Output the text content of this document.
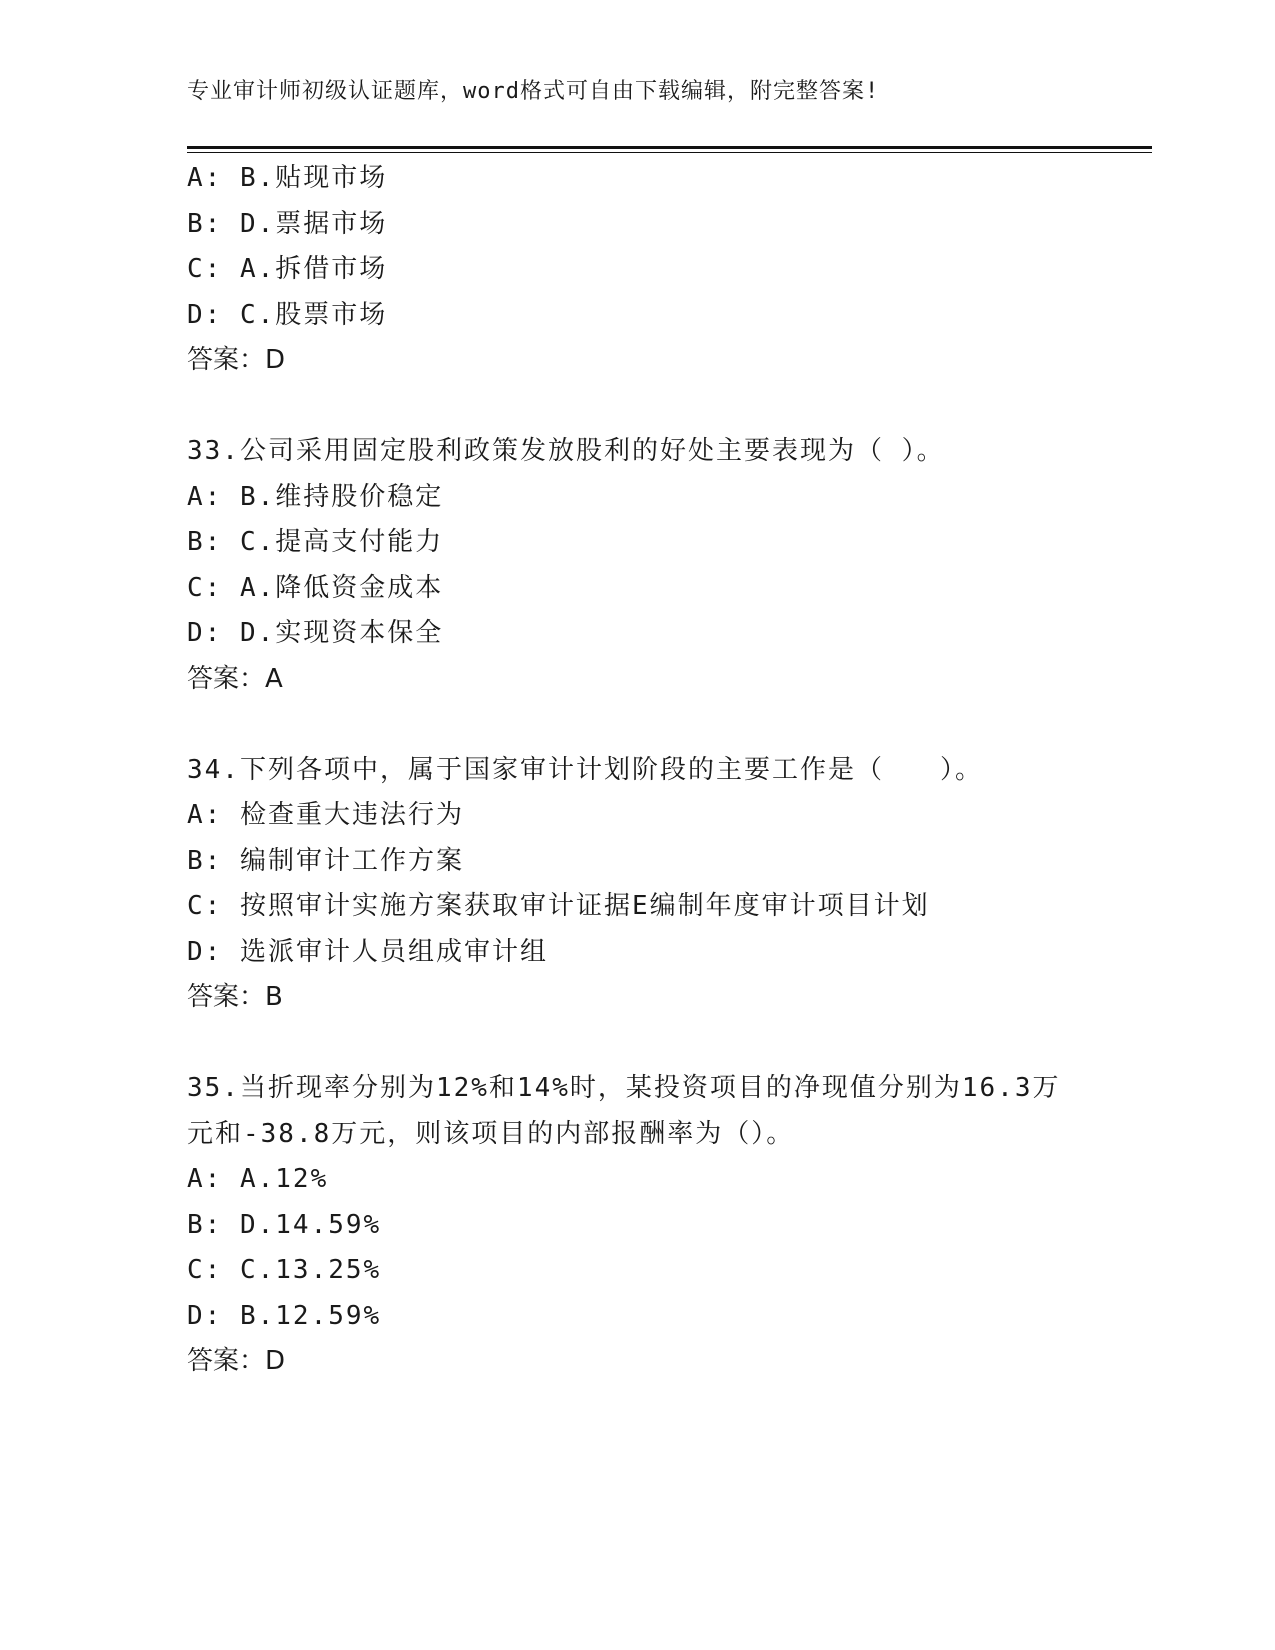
专业审计师初级认证题库，word格式可自由下载编辑，附完整答案!
A: B.贴现市场
B: D.票据市场
C: A.拆借市场
D: C.股票市场
答案：D
33.公司采用固定股利政策发放股利的好处主要表现为（ ）。
A: B.维持股价稳定
B: C.提高支付能力
C: A.降低资金成本
D: D.实现资本保全
答案：A
34.下列各项中，属于国家审计计划阶段的主要工作是（　　）。
A: 检查重大违法行为
B: 编制审计工作方案
C: 按照审计实施方案获取审计证据E编制年度审计项目计划
D: 选派审计人员组成审计组
答案：B
35.当折现率分别为12%和14%时，某投资项目的净现值分别为16.3万
元和-38.8万元，则该项目的内部报酬率为（）。
A: A.12%
B: D.14.59%
C: C.13.25%
D: B.12.59%
答案：D
